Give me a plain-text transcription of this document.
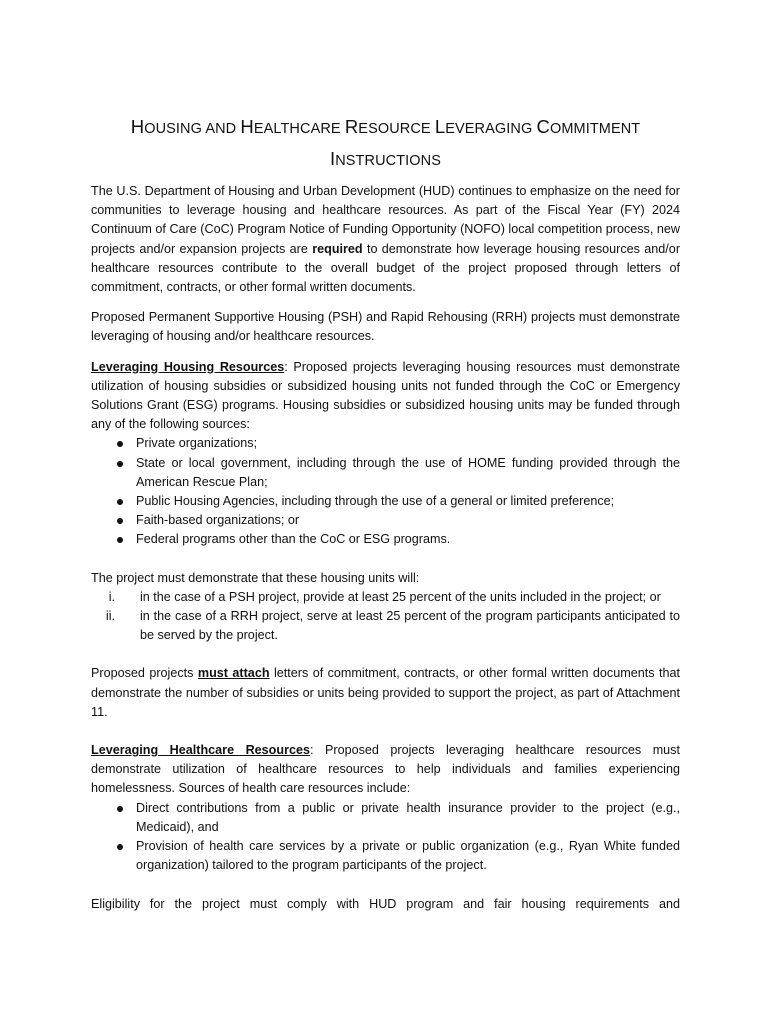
HOUSING AND HEALTHCARE RESOURCE LEVERAGING COMMITMENT
INSTRUCTIONS

The U.S. Department of Housing and Urban Development (HUD) continues to emphasize on the need for communities to leverage housing and healthcare resources. As part of the Fiscal Year (FY) 2024 Continuum of Care (CoC) Program Notice of Funding Opportunity (NOFO) local competition process, new projects and/or expansion projects are required to demonstrate how leverage housing resources and/or healthcare resources contribute to the overall budget of the project proposed through letters of commitment, contracts, or other formal written documents.

Proposed Permanent Supportive Housing (PSH) and Rapid Rehousing (RRH) projects must demonstrate leveraging of housing and/or healthcare resources.

Leveraging Housing Resources: Proposed projects leveraging housing resources must demonstrate utilization of housing subsidies or subsidized housing units not funded through the CoC or Emergency Solutions Grant (ESG) programs. Housing subsidies or subsidized housing units may be funded through any of the following sources:

Private organizations;
State or local government, including through the use of HOME funding provided through the American Rescue Plan;
Public Housing Agencies, including through the use of a general or limited preference;
Faith-based organizations; or
Federal programs other than the CoC or ESG programs.

The project must demonstrate that these housing units will:

i. in the case of a PSH project, provide at least 25 percent of the units included in the project; or
ii. in the case of a RRH project, serve at least 25 percent of the program participants anticipated to be served by the project.

Proposed projects must attach letters of commitment, contracts, or other formal written documents that demonstrate the number of subsidies or units being provided to support the project, as part of Attachment 11.

Leveraging Healthcare Resources: Proposed projects leveraging healthcare resources must demonstrate utilization of healthcare resources to help individuals and families experiencing homelessness. Sources of health care resources include:

Direct contributions from a public or private health insurance provider to the project (e.g., Medicaid), and
Provision of health care services by a private or public organization (e.g., Ryan White funded organization) tailored to the program participants of the project.

Eligibility for the project must comply with HUD program and fair housing requirements and
